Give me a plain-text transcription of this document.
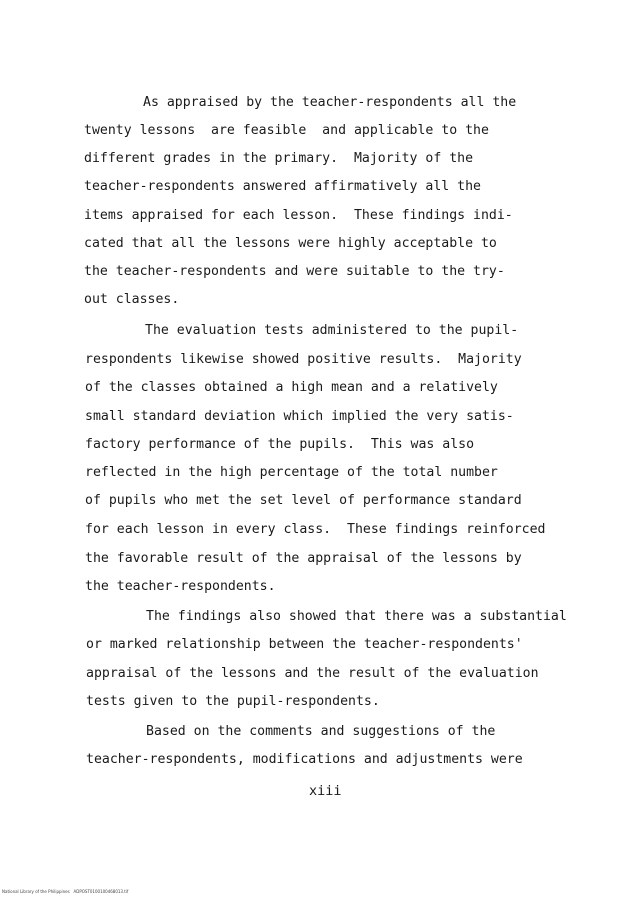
As appraised by the teacher-respondents all the
twenty lessons  are feasible  and applicable to the
different grades in the primary.  Majority of the
teacher-respondents answered affirmatively all the
items appraised for each lesson.  These findings indi-
cated that all the lessons were highly acceptable to
the teacher-respondents and were suitable to the try-
out classes.
The evaluation tests administered to the pupil-
respondents likewise showed positive results.  Majority
of the classes obtained a high mean and a relatively
small standard deviation which implied the very satis-
factory performance of the pupils.  This was also
reflected in the high percentage of the total number
of pupils who met the set level of performance standard
for each lesson in every class.  These findings reinforced
the favorable result of the appraisal of the lessons by
the teacher-respondents.
The findings also showed that there was a substantial
or marked relationship between the teacher-respondents'
appraisal of the lessons and the result of the evaluation
tests given to the pupil-respondents.
Based on the comments and suggestions of the
teacher-respondents, modifications and adjustments were
xiii
National Library of the Philippines   ADPOST0100100468013.tif
